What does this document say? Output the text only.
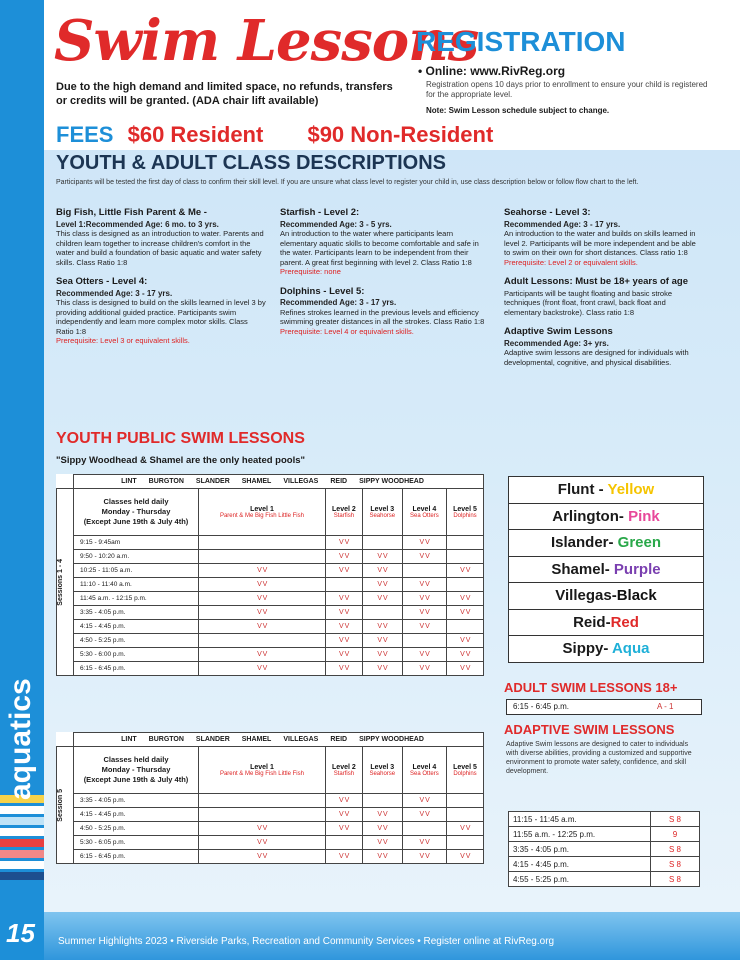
aquatics
Summer Highlights 2023 • Riverside Parks, Recreation and Community Services • Register online at RivReg.org
15
Swim Lessons
Due to the high demand and limited space, no refunds, transfers or credits will be granted. (ADA chair lift available)
REGISTRATION
• Online: www.RivReg.org
Registration opens 10 days prior to enrollment to ensure your child is registered for the appropriate level.
Note: Swim Lesson schedule subject to change.
FEES $60 Resident $90 Non-Resident
YOUTH & ADULT CLASS DESCRIPTIONS
Participants will be tested the first day of class to confirm their skill level. If you are unsure what class level to register your child in, use class description below or follow flow chart to the left.
Big Fish, Little Fish Parent & Me -

Level 1:Recommended Age: 6 mo. to 3 yrs.
This class is designed as an introduction to water. Parents and children learn together to increase children's comfort in the water and build a foundation of basic aquatic and water safety skills. Class Ratio 1:8

Sea Otters - Level 4:

Recommended Age: 3 - 17 yrs.
This class is designed to build on the skills learned in level 3 by providing additional guided practice. Participants swim independently and learn more complex motor skills. Class Ratio 1:8
Prerequisite: Level 3 or equivalent skills.

Starfish - Level 2:

Recommended Age: 3 - 5 yrs.
An introduction to the water where participants learn elementary aquatic skills to become comfortable and safe in the water. Participants learn to be independent from their parent. A great first beginning with level 2. Class Ratio 1:8
Prerequisite: none

Dolphins - Level 5:

Recommended Age: 3 - 17 yrs.
Refines strokes learned in the previous levels and efficiency swimming greater distances in all the strokes. Class Ratio 1:8
Prerequisite: Level 4 or equivalent skills.

Seahorse - Level 3:

Recommended Age: 3 - 17 yrs.
An introduction to the water and builds on skills learned in level 2. Participants will be more independent and be able to swim on their own for short distances. Class ratio 1:8
Prerequisite: Level 2 or equivalent skills.

Adult Lessons: Must be 18+ years of age

Participants will be taught floating and basic stroke techniques (front float, front crawl, back float and elementary backstroke). Class ratio 1:8

Adaptive Swim Lessons

Recommended Age: 3+ yrs.
Adaptive swim lessons are designed for individuals with developmental, cognitive, and physical disabilities.

YOUTH PUBLIC SWIM LESSONS
"Sippy Woodhead & Shamel are the only heated pools"
	LINT BURGTON SLANDER SHAMEL VILLEGAS REID SIPPY WOODHEAD					

Sessions 1 - 4	Classes held daily
Monday - Thursday
(Except June 19th & July 4th)	Level 1
Parent & Me Big Fish Little Fish	Level 2
Starfish	Level 3
Seahorse	Level 4
Sea Otters	Level 5
Dolphins

	9:15 - 9:45am		V V		V V	
	9:50 - 10:20 a.m.		V V	V V	V V	
	10:25 - 11:05 a.m.	V V	V V	V V		V V
	11:10 - 11:40 a.m.	V V		V V	V V	
	11:45 a.m. - 12:15 p.m.	V V	V V	V V	V V	V V
	3:35 - 4:05 p.m.	V V	V V		V V	V V
	4:15 - 4:45 p.m.	V V	V V	V V	V V	
	4:50 - 5:25 p.m.		V V	V V		V V
	5:30 - 6:00 p.m.	V V	V V	V V	V V	V V
	6:15 - 6:45 p.m.	V V	V V	V V	V V	V V
	LINT BURGTON SLANDER SHAMEL VILLEGAS REID SIPPY WOODHEAD					

Session 5	Classes held daily
Monday - Thursday
(Except June 19th & July 4th)	Level 1
Parent & Me Big Fish Little Fish	Level 2
Starfish	Level 3
Seahorse	Level 4
Sea Otters	Level 5
Dolphins

	3:35 - 4:05 p.m.		V V		V V	
	4:15 - 4:45 p.m.		V V	V V	V V	
	4:50 - 5:25 p.m.	V V	V V	V V		V V
	5:30 - 6:05 p.m.	V V		V V	V V	
	6:15 - 6:45 p.m.	V V	V V	V V	V V	V V
Flunt - Yellow
Arlington- Pink
Islander- Green
Shamel- Purple
Villegas-Black
Reid-Red
Sippy- Aqua
ADULT SWIM LESSONS 18+
6:15 - 6:45 p.m.	A - 1
ADAPTIVE SWIM LESSONS
Adaptive Swim lessons are designed to cater to individuals with diverse abilities, providing a customized and supportive environment to promote water safety, confidence, and skill development.
11:15 - 11:45 a.m.	S 8
11:55 a.m. - 12:25 p.m.	9
3:35 - 4:05 p.m.	S 8
4:15 - 4:45 p.m.	S 8
4:55 - 5:25 p.m.	S 8
